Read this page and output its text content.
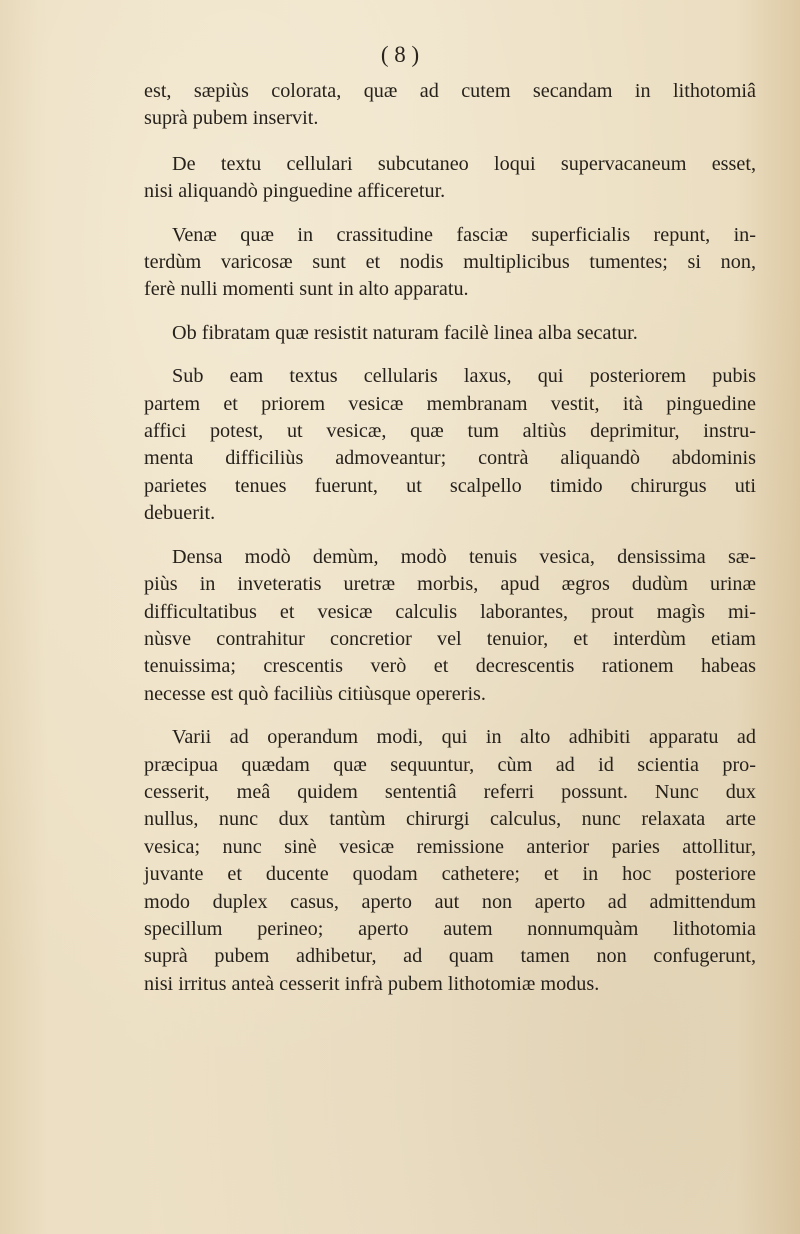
( 8 )

est, sæpiùs colorata, quæ ad cutem secandam in lithotomiâ
suprà pubem inservit.

De textu cellulari subcutaneo loqui supervacaneum esset,
nisi aliquandò pinguedine afficeretur.

Venæ quæ in crassitudine fasciæ superficialis repunt, in-
terdùm varicosæ sunt et nodis multiplicibus tumentes; si non,
ferè nulli momenti sunt in alto apparatu.

Ob fibratam quæ resistit naturam facilè linea alba secatur.

Sub eam textus cellularis laxus, qui posteriorem pubis
partem et priorem vesicæ membranam vestit, ità pinguedine
affici potest, ut vesicæ, quæ tum altiùs deprimitur, instru-
menta difficiliùs admoveantur; contrà aliquandò abdominis
parietes tenues fuerunt, ut scalpello timido chirurgus uti
debuerit.

Densa modò demùm, modò tenuis vesica, densissima sæ-
piùs in inveteratis uretræ morbis, apud ægros dudùm urinæ
difficultatibus et vesicæ calculis laborantes, prout magìs mi-
nùsve contrahitur concretior vel tenuior, et interdùm etiam
tenuissima; crescentis verò et decrescentis rationem habeas
necesse est quò faciliùs citiùsque opereris.

Varii ad operandum modi, qui in alto adhibiti apparatu ad
præcipua quædam quæ sequuntur, cùm ad id scientia pro-
cesserit, meâ quidem sententiâ referri possunt. Nunc dux
nullus, nunc dux tantùm chirurgi calculus, nunc relaxata arte
vesica; nunc sinè vesicæ remissione anterior paries attollitur,
juvante et ducente quodam cathetere; et in hoc posteriore
modo duplex casus, aperto aut non aperto ad admittendum
specillum perineo; aperto autem nonnumquàm lithotomia
suprà pubem adhibetur, ad quam tamen non confugerunt,
nisi irritus anteà cesserit infrà pubem lithotomiæ modus.
